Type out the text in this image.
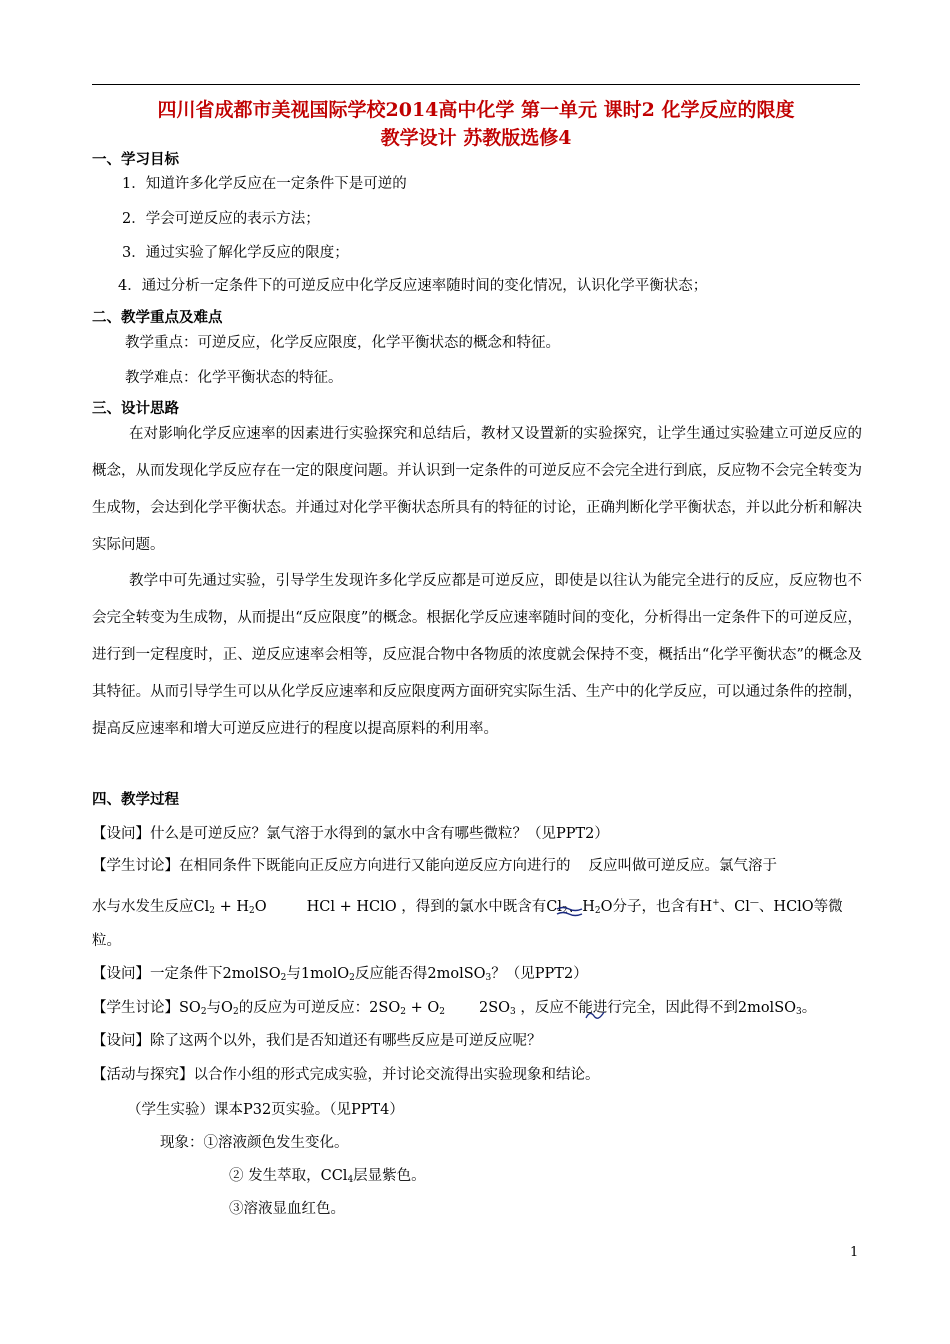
四川省成都市美视国际学校2014高中化学 第一单元 课时2 化学反应的限度
教学设计 苏教版选修4
一、学习目标
1．知道许多化学反应在一定条件下是可逆的
2．学会可逆反应的表示方法；
3．通过实验了解化学反应的限度；
4．通过分析一定条件下的可逆反应中化学反应速率随时间的变化情况，认识化学平衡状态；
二、教学重点及难点
教学重点：可逆反应，化学反应限度，化学平衡状态的概念和特征。
教学难点：化学平衡状态的特征。
三、设计思路
在对影响化学反应速率的因素进行实验探究和总结后，教材又设置新的实验探究，让学生通过实验建立可逆反应的概念，从而发现化学反应存在一定的限度问题。并认识到一定条件的可逆反应不会完全进行到底，反应物不会完全转变为生成物，会达到化学平衡状态。并通过对化学平衡状态所具有的特征的讨论，正确判断化学平衡状态，并以此分析和解决实际问题。
教学中可先通过实验，引导学生发现许多化学反应都是可逆反应，即使是以往认为能完全进行的反应，反应物也不会完全转变为生成物，从而提出“反应限度”的概念。根据化学反应速率随时间的变化，分析得出一定条件下的可逆反应，进行到一定程度时，正、逆反应速率会相等，反应混合物中各物质的浓度就会保持不变，概括出“化学平衡状态”的概念及其特征。从而引导学生可以从化学反应速率和反应限度两方面研究实际生活、生产中的化学反应，可以通过条件的控制，提高反应速率和增大可逆反应进行的程度以提高原料的利用率。
四、教学过程
【设问】什么是可逆反应？氯气溶于水得到的氯水中含有哪些微粒？（见PPT2）
【学生讨论】在相同条件下既能向正反应方向进行又能向逆反应方向进行的 反应叫做可逆反应。氯气溶于
水与水发生反应$Cl_2 + H_2O$	HCl + HClO ，得到的氯水中既含有$Cl_2$、$H_2O$分子，也含有H+、Cl—、HClO等微
粒。
【设问】一定条件下2molSO$_2$与1molO$_2$反应能否得2molSO$_3$？（见PPT2）
【学生讨论】$SO_2$与$O_2$的反应为可逆反应：$2SO_2 + O_2$ $2SO_3$ ，反应不能进行完全，因此得不到2molSO$_3$。
【设问】除了这两个以外，我们是否知道还有哪些反应是可逆反应呢？
【活动与探究】以合作小组的形式完成实验，并讨论交流得出实验现象和结论。
（学生实验）课本P32页实验。（见PPT4）
现象：①溶液颜色发生变化。
② 发生萃取，CCl$_4$层显紫色。
③溶液显血红色。
1
